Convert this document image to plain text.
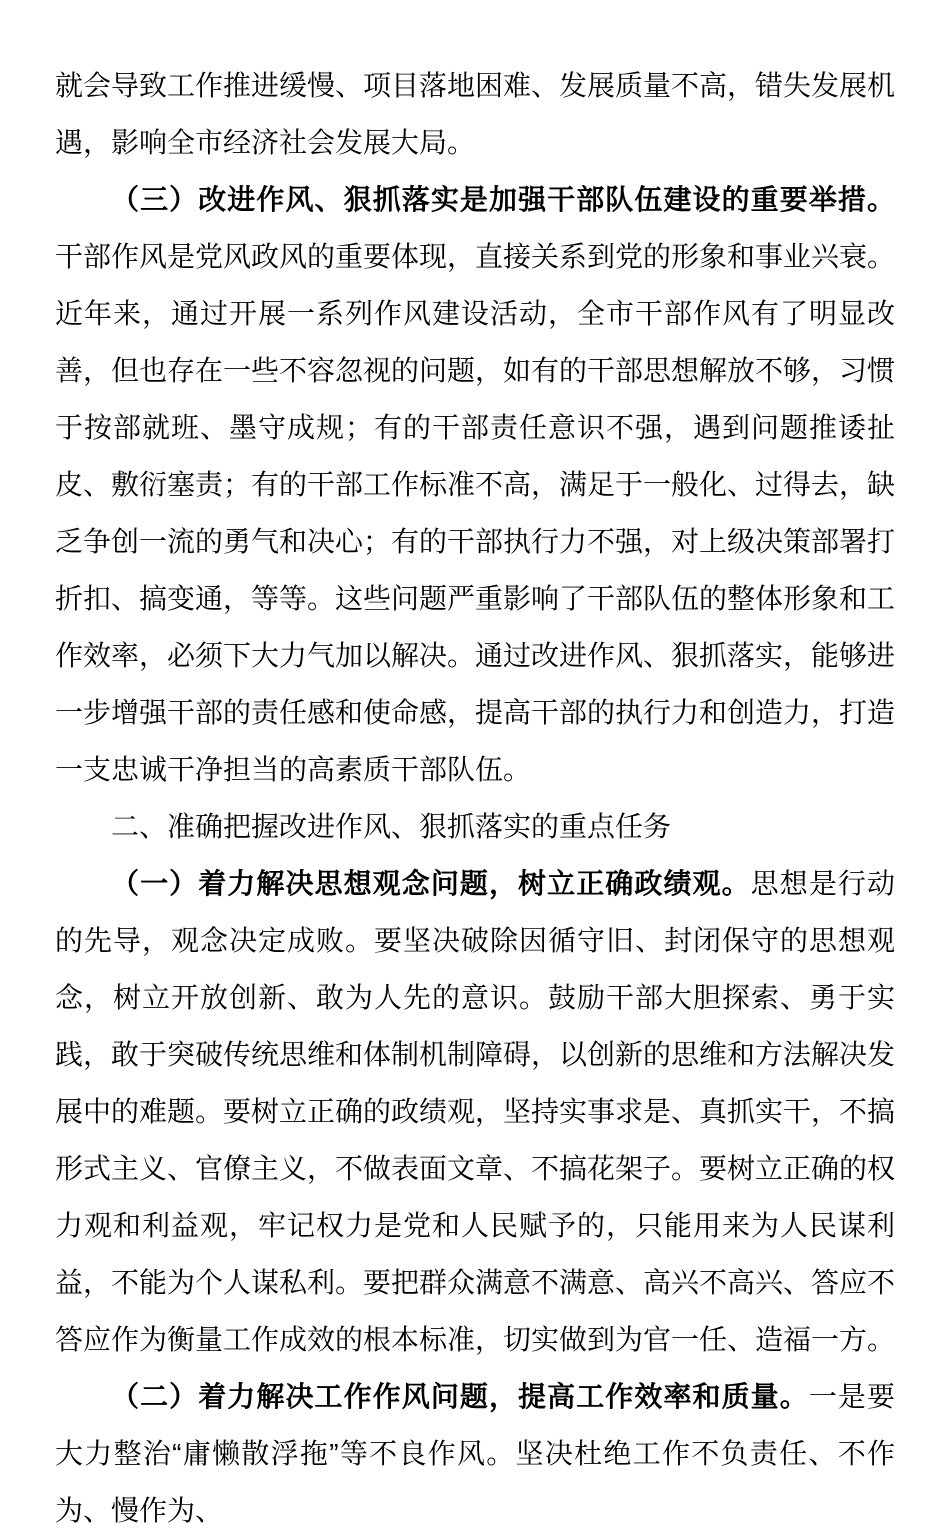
就会导致工作推进缓慢、项目落地困难、发展质量不高，错失发展机遇，影响全市经济社会发展大局。

（三）改进作风、狠抓落实是加强干部队伍建设的重要举措。干部作风是党风政风的重要体现，直接关系到党的形象和事业兴衰。近年来，通过开展一系列作风建设活动，全市干部作风有了明显改善，但也存在一些不容忽视的问题，如有的干部思想解放不够，习惯于按部就班、墨守成规；有的干部责任意识不强，遇到问题推诿扯皮、敷衍塞责；有的干部工作标准不高，满足于一般化、过得去，缺乏争创一流的勇气和决心；有的干部执行力不强，对上级决策部署打折扣、搞变通，等等。这些问题严重影响了干部队伍的整体形象和工作效率，必须下大力气加以解决。通过改进作风、狠抓落实，能够进一步增强干部的责任感和使命感，提高干部的执行力和创造力，打造一支忠诚干净担当的高素质干部队伍。

二、准确把握改进作风、狠抓落实的重点任务

（一）着力解决思想观念问题，树立正确政绩观。思想是行动的先导，观念决定成败。要坚决破除因循守旧、封闭保守的思想观念，树立开放创新、敢为人先的意识。鼓励干部大胆探索、勇于实践，敢于突破传统思维和体制机制障碍，以创新的思维和方法解决发展中的难题。要树立正确的政绩观，坚持实事求是、真抓实干，不搞形式主义、官僚主义，不做表面文章、不搞花架子。要树立正确的权力观和利益观，牢记权力是党和人民赋予的，只能用来为人民谋利益，不能为个人谋私利。要把群众满意不满意、高兴不高兴、答应不答应作为衡量工作成效的根本标准，切实做到为官一任、造福一方。

（二）着力解决工作作风问题，提高工作效率和质量。一是要大力整治“庸懒散浮拖”等不良作风。坚决杜绝工作不负责任、不作为、慢作为、
